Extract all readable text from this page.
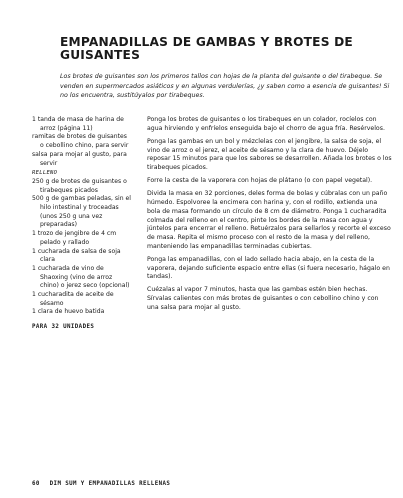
EMPANADILLAS DE GAMBAS Y BROTES DE GUISANTES
Los brotes de guisantes son los primeros tallos con hojas de la planta del guisante o del tirabeque. Se venden en supermercados asiáticos y en algunas verdulerías, ¿y saben como a esencia de guisantes! Si no los encuentra, sustitúyalos por tirabeques.

1 tanda de masa de harina de arroz (página 11)

ramitas de brotes de guisantes o cebollino chino, para servir

salsa para mojar al gusto, para servir

RELLENO

250 g de brotes de guisantes o tirabeques picados

500 g de gambas peladas, sin el hilo intestinal y troceadas (unos 250 g una vez preparadas)

1 trozo de jengibre de 4 cm pelado y rallado

1 cucharada de salsa de soja clara

1 cucharada de vino de Shaoxing (vino de arroz chino) o jerez seco (opcional)

1 cucharadita de aceite de sésamo

1 clara de huevo batida

PARA 32 UNIDADES

Ponga los brotes de guisantes o los tirabeques en un colador, rocíelos con agua hirviendo y enfríelos enseguida bajo el chorro de agua fría. Resérvelos.

Ponga las gambas en un bol y mézclelas con el jengibre, la salsa de soja, el vino de arroz o el jerez, el aceite de sésamo y la clara de huevo. Déjelo reposar 15 minutos para que los sabores se desarrollen. Añada los brotes o los tirabeques picados.

Forre la cesta de la vaporera con hojas de plátano (o con papel vegetal).

Divida la masa en 32 porciones, deles forma de bolas y cúbralas con un paño húmedo. Espolvoree la encimera con harina y, con el rodillo, extienda una bola de masa formando un círculo de 8 cm de diámetro. Ponga 1 cucharadita colmada del relleno en el centro, pinte los bordes de la masa con agua y júntelos para encerrar el relleno. Retuérzalos para sellarlos y recorte el exceso de masa. Repita el mismo proceso con el resto de la masa y del relleno, manteniendo las empanadillas terminadas cubiertas.

Ponga las empanadillas, con el lado sellado hacia abajo, en la cesta de la vaporera, dejando suficiente espacio entre ellas (si fuera necesario, hágalo en tandas).

Cuézalas al vapor 7 minutos, hasta que las gambas estén bien hechas. Sírvalas calientes con más brotes de guisantes o con cebollino chino y con una salsa para mojar al gusto.

60 DIM SUM Y EMPANADILLAS RELLENAS
